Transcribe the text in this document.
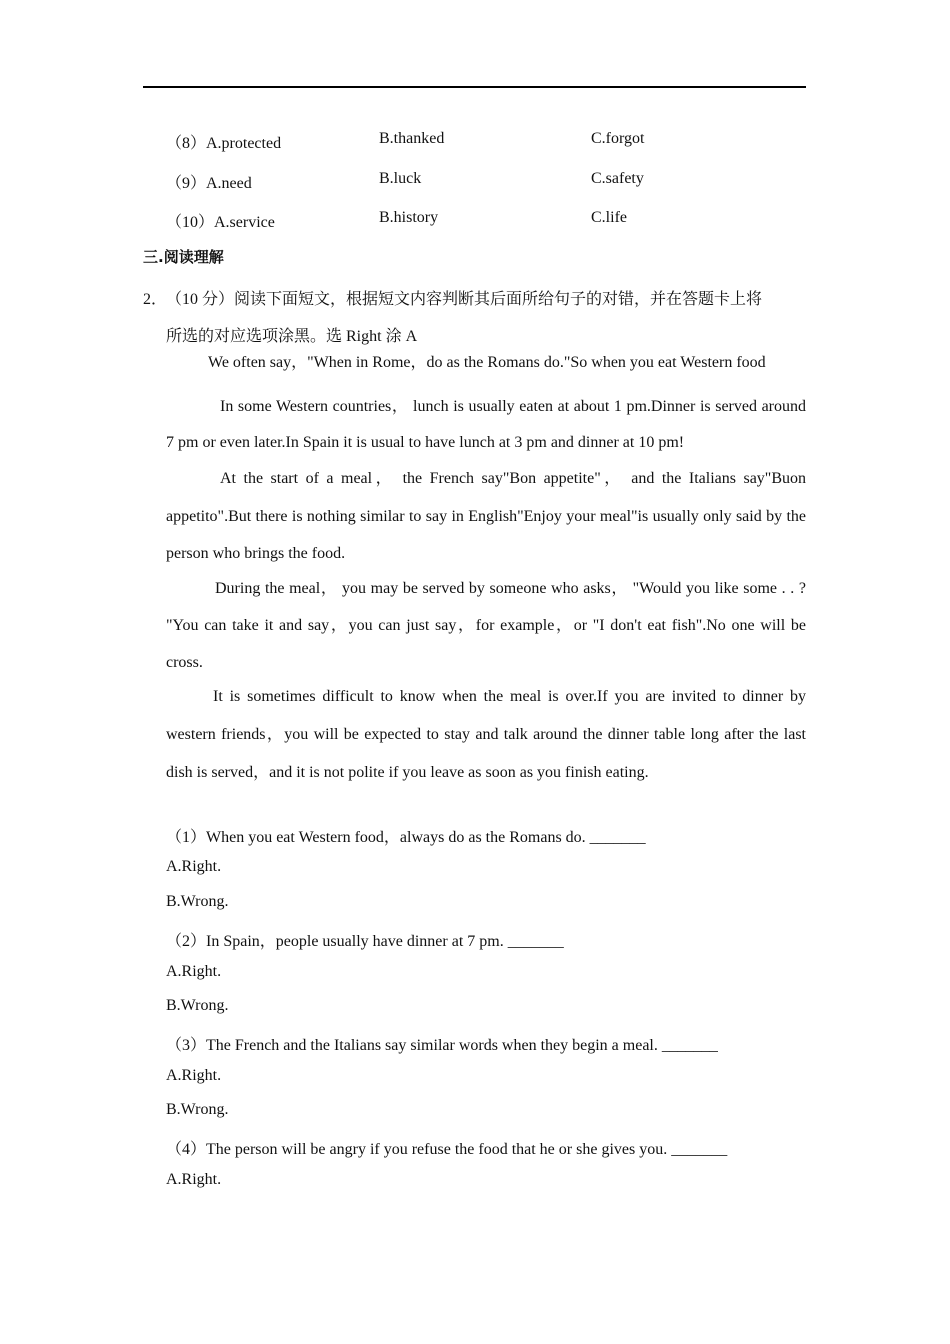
（8）A.protected	B.thanked	C.forgot
（9）A.need	B.luck	C.safety
（10）A.service	B.history	C.life
三.阅读理解
2．（10 分）阅读下面短文，根据短文内容判断其后面所给句子的对错，并在答题卡上将
所选的对应选项涂黑。选 Right 涂 A
We often say，"When in Rome，do as the Romans do."So when you eat Western food
In some Western countries， lunch is usually eaten at about 1 pm.Dinner is served around 7 pm or even later.In Spain it is usual to have lunch at 3 pm and dinner at 10 pm!
At the start of a meal， the French say"Bon appetite"， and the Italians say"Buon appetito".But there is nothing similar to say in English"Enjoy your meal"is usually only said by the person who brings the food.
During the meal， you may be served by someone who asks， "Would you like some . . ? "You can take it and say，you can just say，for example，or "I don't eat fish".No one will be cross.
It is sometimes difficult to know when the meal is over.If you are invited to dinner by western friends，you will be expected to stay and talk around the dinner table long after the last dish is served，and it is not polite if you leave as soon as you finish eating.
（1）When you eat Western food，always do as the Romans do. _______
A.Right.
B.Wrong.
（2）In Spain，people usually have dinner at 7 pm. _______
A.Right.
B.Wrong.
（3）The French and the Italians say similar words when they begin a meal. _______
A.Right.
B.Wrong.
（4）The person will be angry if you refuse the food that he or she gives you. _______
A.Right.
